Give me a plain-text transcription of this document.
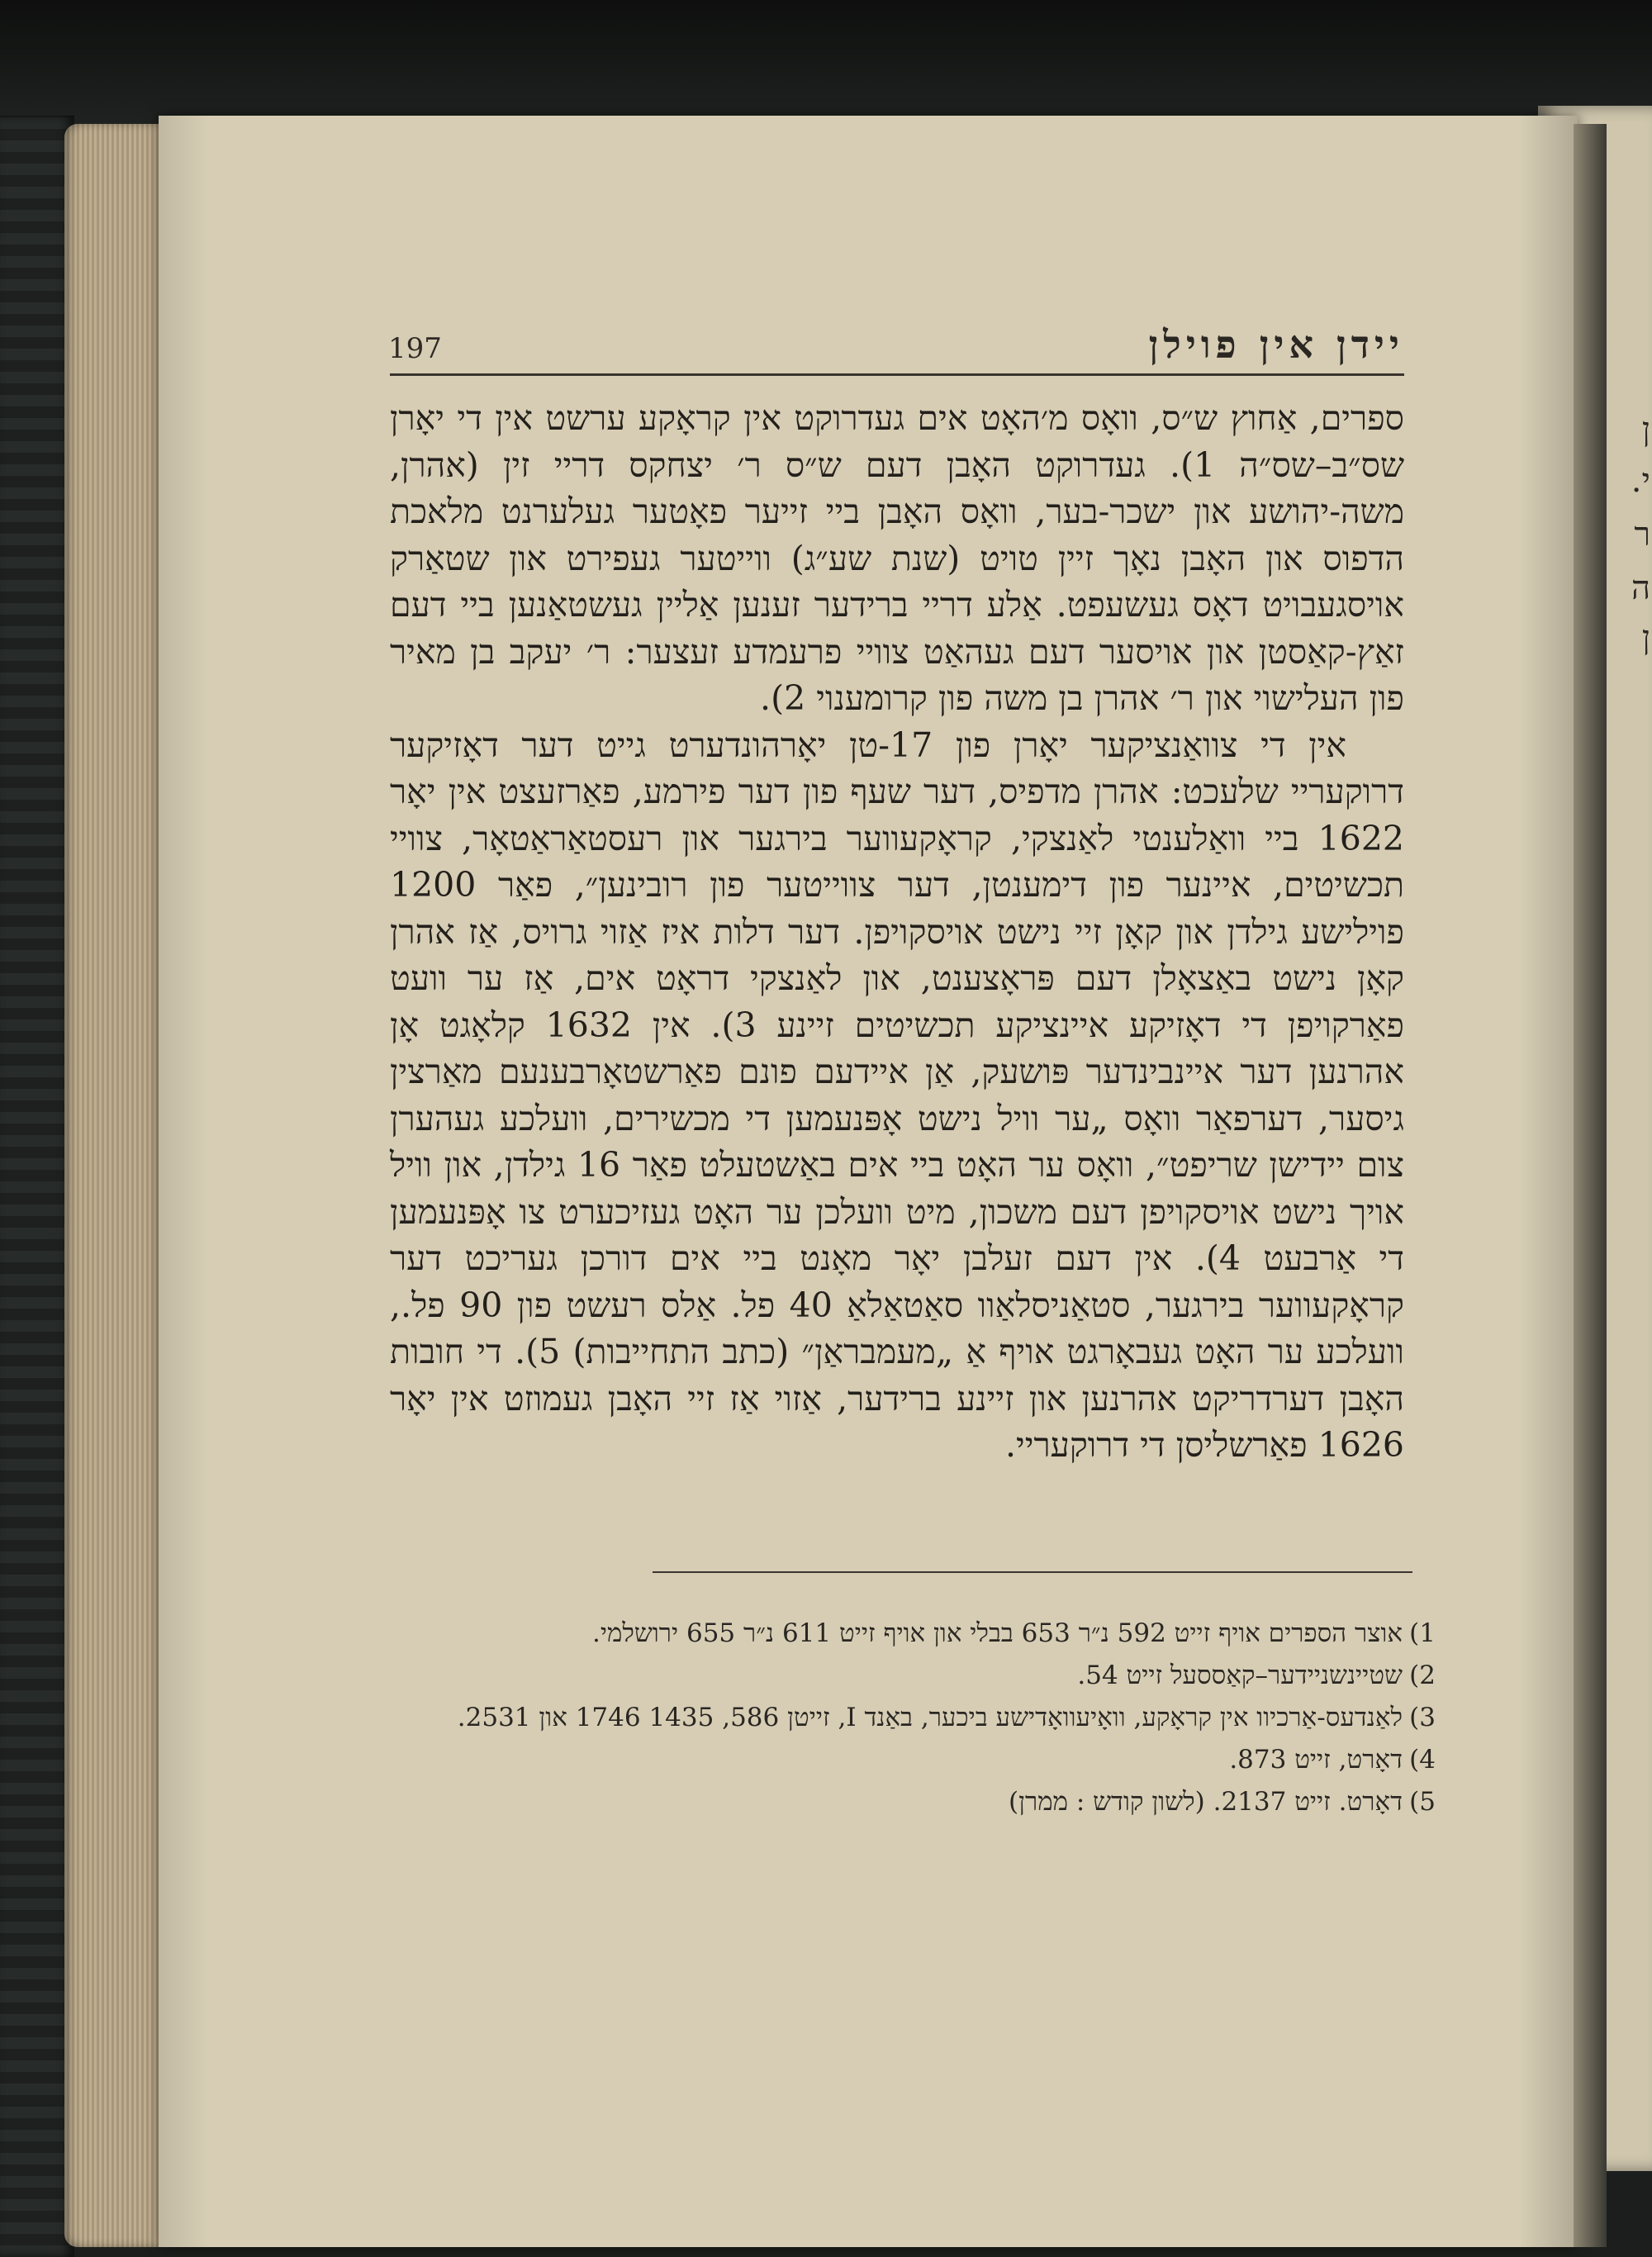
ן
י.
ר
ה
ן
197	יידן אין פוילן

ספרים, אַחוץ ש״ס, וואָס מ׳האָט אים געדרוקט אין קראָקע ערשט אין די יאָרן שס״ב–שס״ה 1). געדרוקט האָבן דעם ש״ס ר׳ יצחקס דריי זין (אהרן, משה-יהושע און ישכר-בער, וואָס האָבן ביי זייער פאָטער געלערנט מלאכת הדפוס און האָבן נאָך זיין טויט (שנת שע״ג) ווייטער געפירט און שטאַרק אויסגעבויט דאָס געשעפט. אַלע דריי ברידער זענען אַליין געשטאַנען ביי דעם זאַץ-קאַסטן און אויסער דעם געהאַט צוויי פרעמדע זעצער: ר׳ יעקב בן מאיר פון העלישוי און ר׳ אהרן בן משה פון קרומענוי 2).

אין די צוואַנציקער יאָרן פון 17-טן יאָרהונדערט גייט דער דאָזיקער דרוקעריי שלעכט: אהרן מדפיס, דער שעף פון דער פירמע, פאַרזעצט אין יאָר 1622 ביי וואַלענטי לאַנצקי, קראָקעווער בירגער און רעסטאַראַטאָר, צוויי תכשיטים, איינער פון דימענטן, דער צווייטער פון רובינען״, פאַר 1200 פוילישע גילדן און קאָן זיי נישט אויסקויפן. דער דלות איז אַזוי גרויס, אַז אהרן קאָן נישט באַצאָלן דעם פּראָצענט, און לאַנצקי דראָט אים, אַז ער וועט פאַרקויפן די דאָזיקע איינציקע תכשיטים זיינע 3). אין 1632 קלאָגט אָן אהרנען דער איינבינדער פּושעק, אַן איידעם פונם פאַרשטאָרבענעם מאַרצין גיסער, דערפאַר וואָס „ער וויל נישט אָפּנעמען די מכשירים, וועלכע געהערן צום יידישן שריפט״, וואָס ער האָט ביי אים באַשטעלט פאַר 16 גילדן, און וויל אויך נישט אויסקויפן דעם משכון, מיט וועלכן ער האָט געזיכערט צו אָפּנעמען די אַרבעט 4). אין דעם זעלבן יאָר מאָנט ביי אים דורכן געריכט דער קראָקעווער בירגער, סטאַניסלאַוו סאַטאַלאַ 40 פל. אַלס רעשט פון 90 פל., וועלכע ער האָט געבאָרגט אויף אַ „מעמבראַן״ (כתב התחייבות) 5). די חובות האָבן דערדריקט אהרנען און זיינע ברידער, אַזוי אַז זיי האָבן געמוזט אין יאָר 1626 פאַרשליסן די דרוקעריי.

1)
אוצר הספרים אויף זייט 592 נ״ר 653 בבלי און אויף זייט 611 נ״ר 655 ירושלמי.

2)
שטיינשניידער–קאַססעל זייט 54.

3)
לאַנדעס-אַרכיוו אין קראָקע, וואָיעוואָדישע ביכער, באַנד I, זייטן 586, 1435 1746 און 2531.

4)
דאָרט, זייט 873.

5)
דאָרט. זייט 2137. (לשון קודש : ממרן)
